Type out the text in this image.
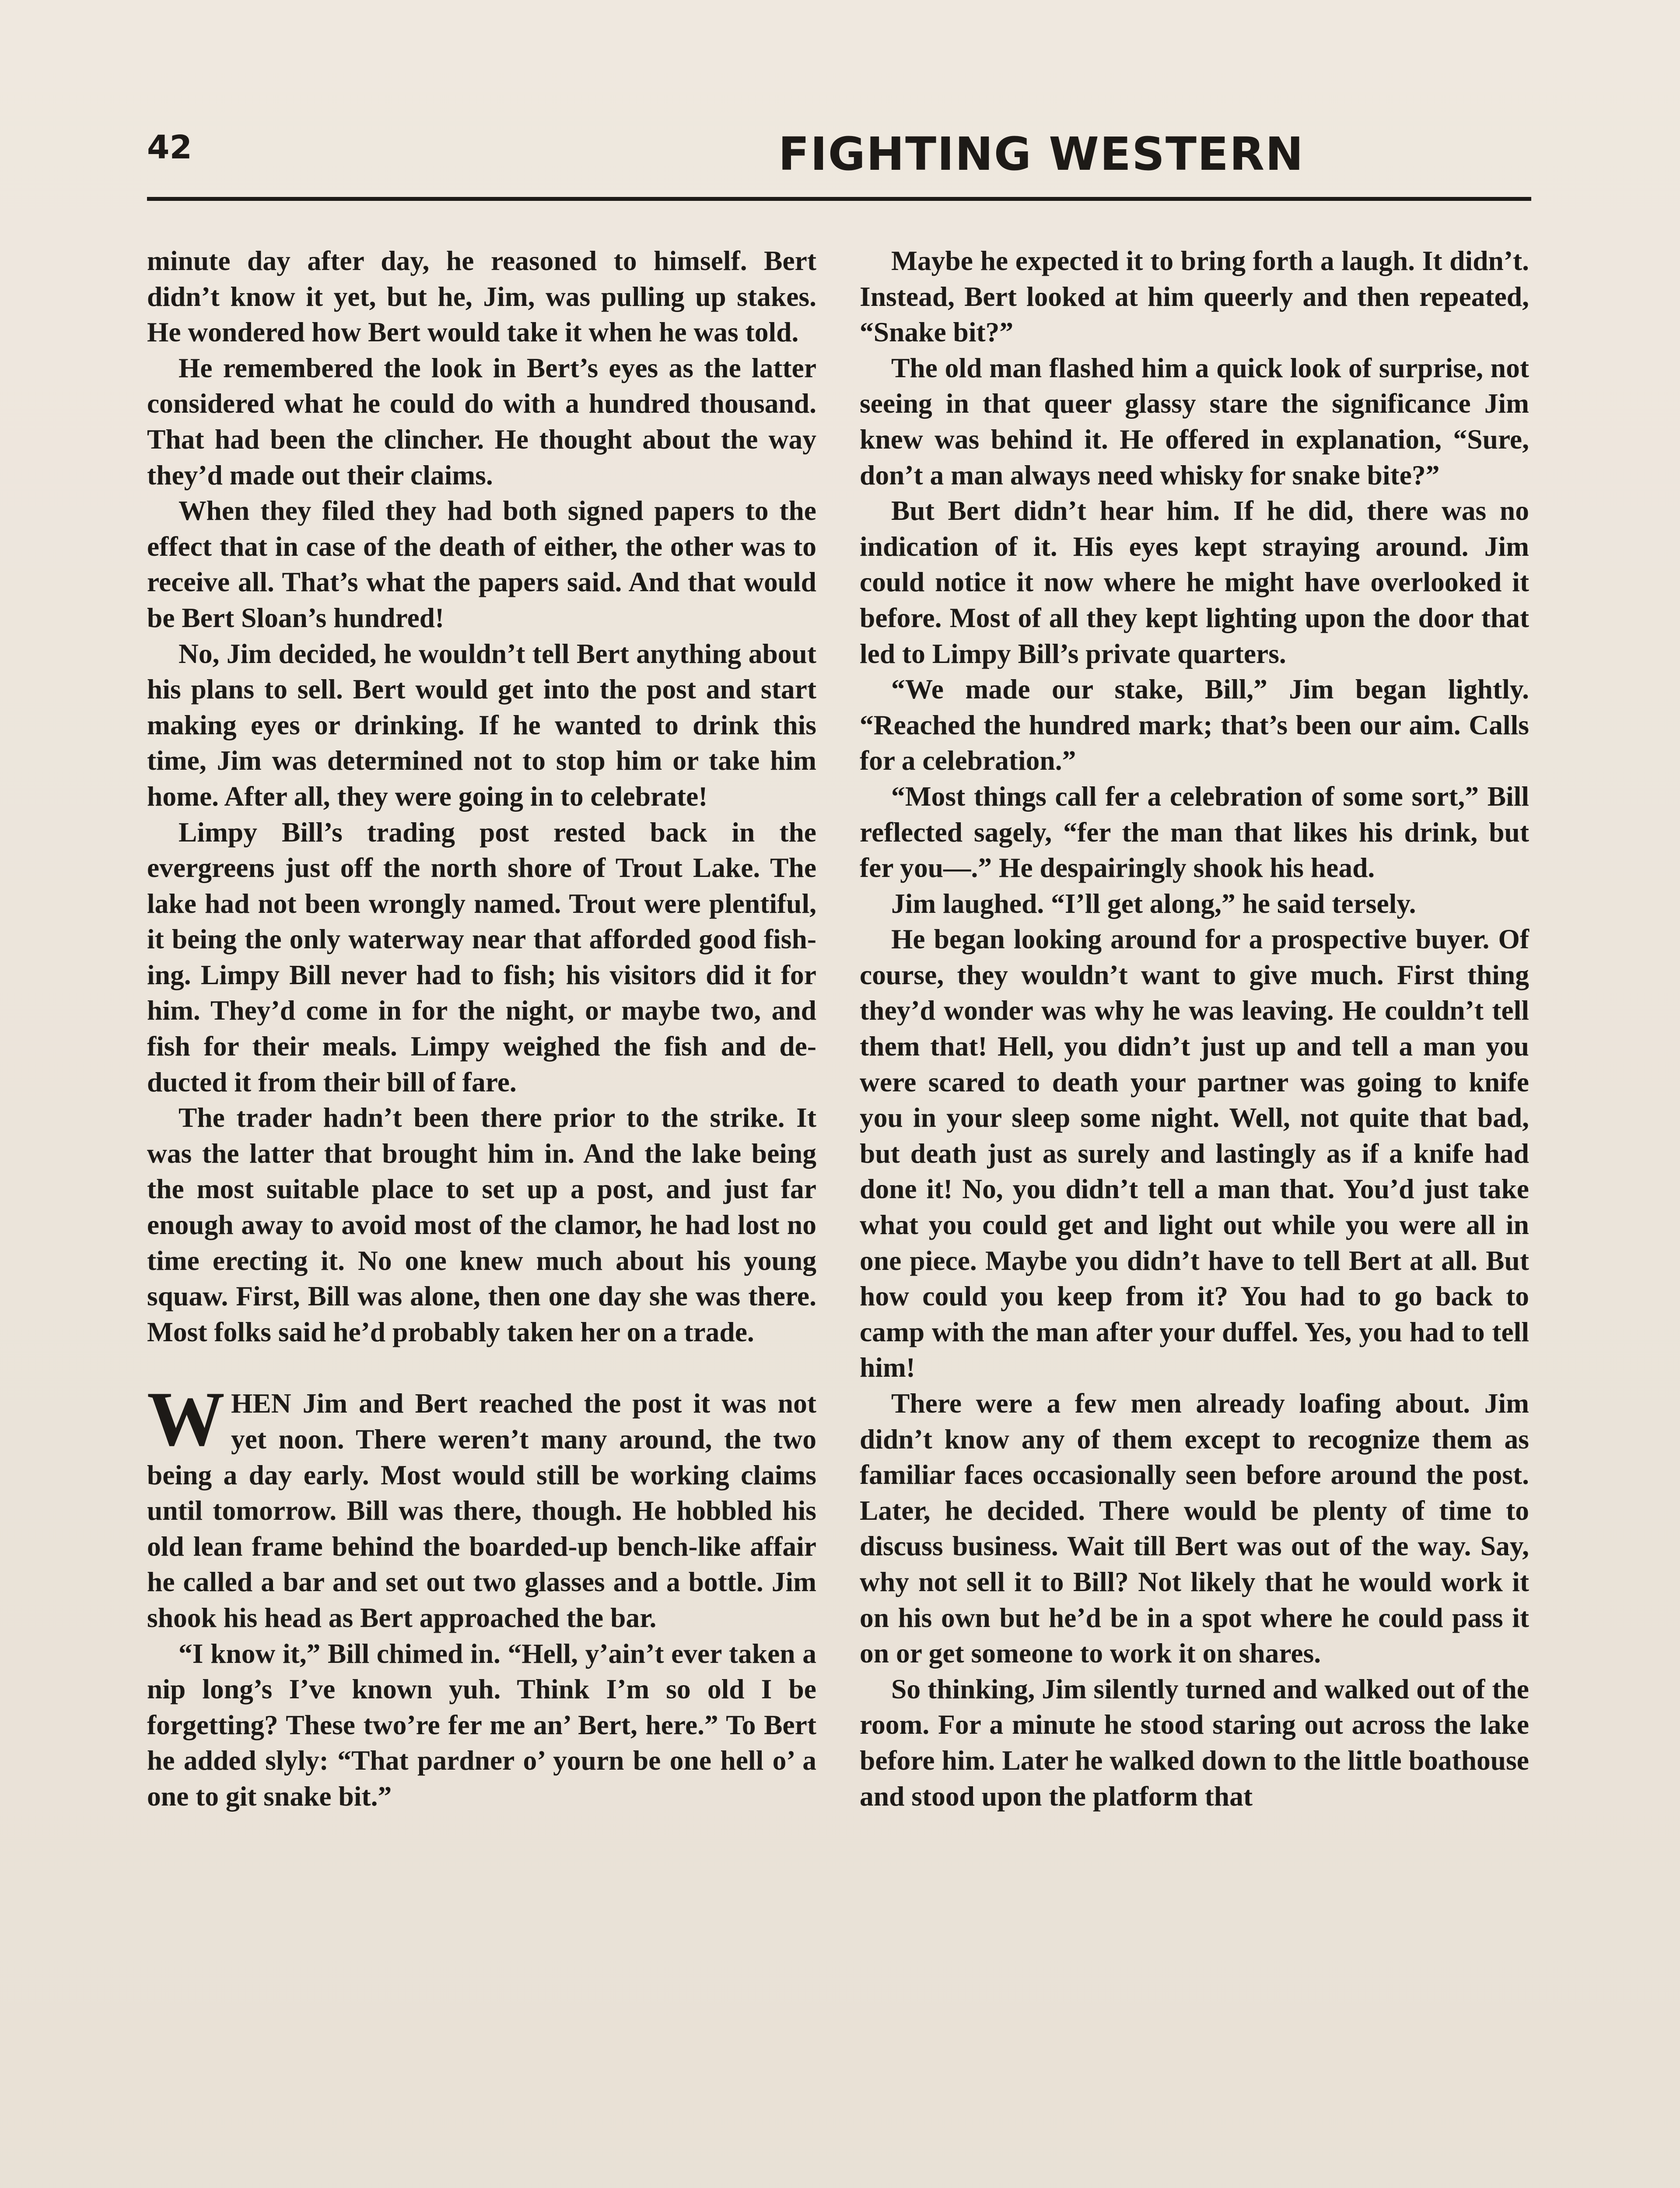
42	FIGHTING WESTERN

minute day after day, he reasoned to himself. Bert didn’t know it yet, but he, Jim, was pulling up stakes. He wondered how Bert would take it when he was told.

He remembered the look in Bert’s eyes as the latter considered what he could do with a hundred thousand. That had been the clincher. He thought about the way they’d made out their claims.

When they filed they had both signed papers to the effect that in case of the death of either, the other was to receive all. That’s what the papers said. And that would be Bert Sloan’s hundred!

No, Jim decided, he wouldn’t tell Bert anything about his plans to sell. Bert would get into the post and start making eyes or drinking. If he wanted to drink this time, Jim was determined not to stop him or take him home. After all, they were going in to celebrate!

Limpy Bill’s trading post rested back in the evergreens just off the north shore of Trout Lake. The lake had not been wrongly named. Trout were plentiful, it being the only waterway near that afforded good fishing. Limpy Bill never had to fish; his visitors did it for him. They’d come in for the night, or maybe two, and fish for their meals. Limpy weighed the fish and deducted it from their bill of fare.

The trader hadn’t been there prior to the strike. It was the latter that brought him in. And the lake being the most suitable place to set up a post, and just far enough away to avoid most of the clamor, he had lost no time erecting it. No one knew much about his young squaw. First, Bill was alone, then one day she was there. Most folks said he’d probably taken her on a trade.

WHEN Jim and Bert reached the post it was not yet noon. There weren’t many around, the two being a day early. Most would still be working claims until tomorrow. Bill was there, though. He hobbled his old lean frame behind the boarded-up bench-like affair he called a bar and set out two glasses and a bottle. Jim shook his head as Bert approached the bar.

“I know it,” Bill chimed in. “Hell, y’ain’t ever taken a nip long’s I’ve known yuh. Think I’m so old I be forgetting? These two’re fer me an’ Bert, here.” To Bert he added slyly: “That pardner o’ yourn be one hell o’ a one to git snake bit.”

Maybe he expected it to bring forth a laugh. It didn’t. Instead, Bert looked at him queerly and then repeated, “Snake bit?”

The old man flashed him a quick look of surprise, not seeing in that queer glassy stare the significance Jim knew was behind it. He offered in explanation, “Sure, don’t a man always need whisky for snake bite?”

But Bert didn’t hear him. If he did, there was no indication of it. His eyes kept straying around. Jim could notice it now where he might have overlooked it before. Most of all they kept lighting upon the door that led to Limpy Bill’s private quarters.

“We made our stake, Bill,” Jim began lightly. “Reached the hundred mark; that’s been our aim. Calls for a celebration.”

“Most things call fer a celebration of some sort,” Bill reflected sagely, “fer the man that likes his drink, but fer you—.” He despairingly shook his head.

Jim laughed. “I’ll get along,” he said tersely.

He began looking around for a prospective buyer. Of course, they wouldn’t want to give much. First thing they’d wonder was why he was leaving. He couldn’t tell them that! Hell, you didn’t just up and tell a man you were scared to death your partner was going to knife you in your sleep some night. Well, not quite that bad, but death just as surely and lastingly as if a knife had done it! No, you didn’t tell a man that. You’d just take what you could get and light out while you were all in one piece. Maybe you didn’t have to tell Bert at all. But how could you keep from it? You had to go back to camp with the man after your duffel. Yes, you had to tell him!

There were a few men already loafing about. Jim didn’t know any of them except to recognize them as familiar faces occasionally seen before around the post. Later, he decided. There would be plenty of time to discuss business. Wait till Bert was out of the way. Say, why not sell it to Bill? Not likely that he would work it on his own but he’d be in a spot where he could pass it on or get someone to work it on shares.

So thinking, Jim silently turned and walked out of the room. For a minute he stood staring out across the lake before him. Later he walked down to the little boathouse and stood upon the platform that
